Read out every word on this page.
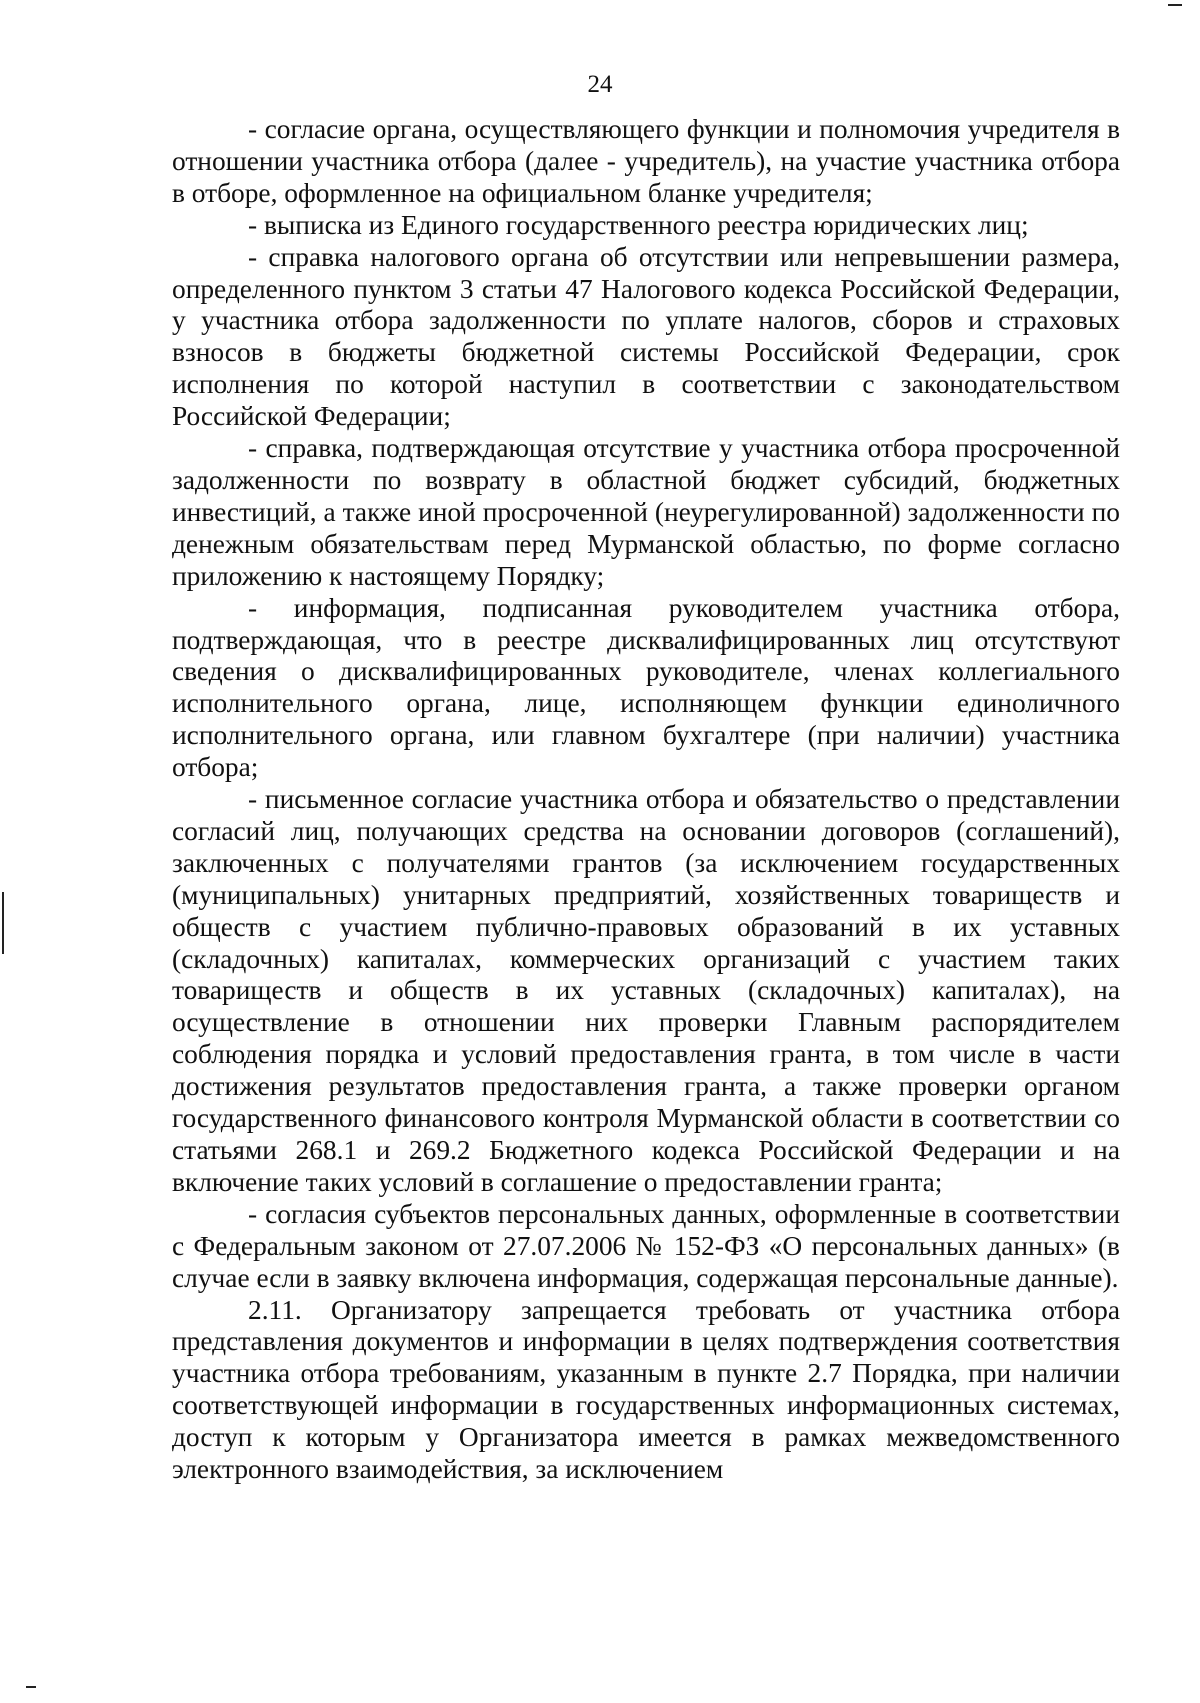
24

- согласие органа, осуществляющего функции и полномочия учредителя в отношении участника отбора (далее - учредитель), на участие участника отбора в отборе, оформленное на официальном бланке учредителя;

- выписка из Единого государственного реестра юридических лиц;

- справка налогового органа об отсутствии или непревышении размера, определенного пунктом 3 статьи 47 Налогового кодекса Российской Федерации, у участника отбора задолженности по уплате налогов, сборов и страховых взносов в бюджеты бюджетной системы Российской Федерации, срок исполнения по которой наступил в соответствии с законодательством Российской Федерации;

- справка, подтверждающая отсутствие у участника отбора просроченной задолженности по возврату в областной бюджет субсидий, бюджетных инвестиций, а также иной просроченной (неурегулированной) задолженности по денежным обязательствам перед Мурманской областью, по форме согласно приложению к настоящему Порядку;

- информация, подписанная руководителем участника отбора, подтверждающая, что в реестре дисквалифицированных лиц отсутствуют сведения о дисквалифицированных руководителе, членах коллегиального исполнительного органа, лице, исполняющем функции единоличного исполнительного органа, или главном бухгалтере (при наличии) участника отбора;

- письменное согласие участника отбора и обязательство о представлении согласий лиц, получающих средства на основании договоров (соглашений), заключенных с получателями грантов (за исключением государственных (муниципальных) унитарных предприятий, хозяйственных товариществ и обществ с участием публично-правовых образований в их уставных (складочных) капиталах, коммерческих организаций с участием таких товариществ и обществ в их уставных (складочных) капиталах), на осуществление в отношении них проверки Главным распорядителем соблюдения порядка и условий предоставления гранта, в том числе в части достижения результатов предоставления гранта, а также проверки органом государственного финансового контроля Мурманской области в соответствии со статьями 268.1 и 269.2 Бюджетного кодекса Российской Федерации и на включение таких условий в соглашение о предоставлении гранта;

- согласия субъектов персональных данных, оформленные в соответствии с Федеральным законом от 27.07.2006 № 152-ФЗ «О персональных данных» (в случае если в заявку включена информация, содержащая персональные данные).

2.11. Организатору запрещается требовать от участника отбора представления документов и информации в целях подтверждения соответствия участника отбора требованиям, указанным в пункте 2.7 Порядка, при наличии соответствующей информации в государственных информационных системах, доступ к которым у Организатора имеется в рамках межведомственного электронного взаимодействия, за исключением
